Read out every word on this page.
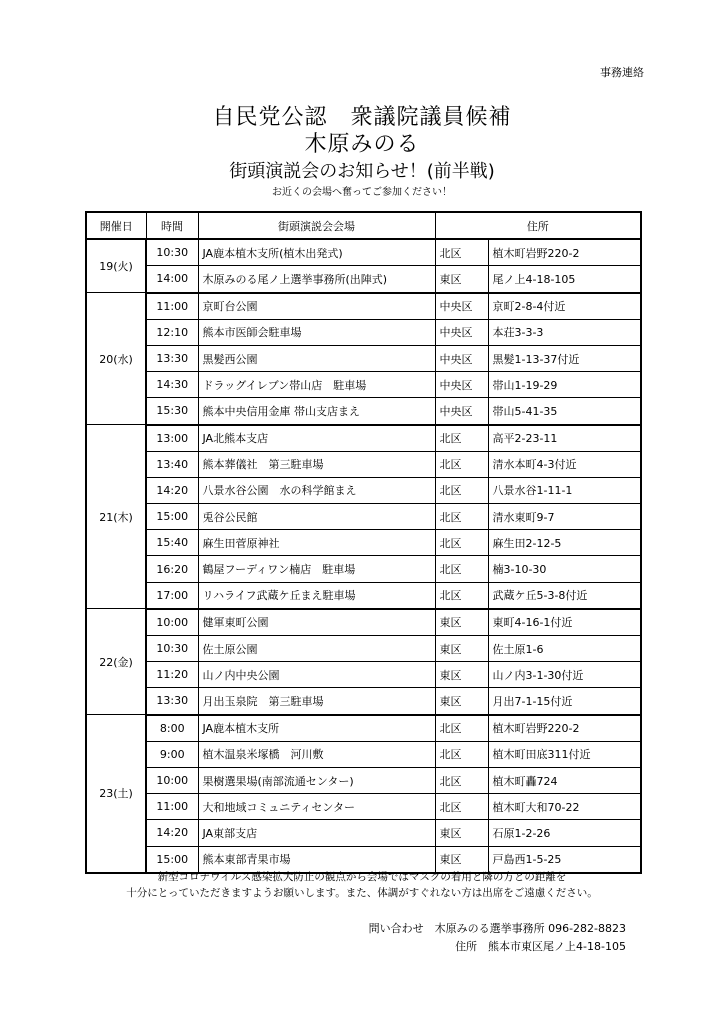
事務連絡
自民党公認　衆議院議員候補
木原みのる
街頭演説会のお知らせ！(前半戦)
お近くの会場へ奮ってご参加ください！
開催日	時間	街頭演説会会場	住所	
19(火)	10:30	JA鹿本植木支所(植木出発式)	北区	植木町岩野220-2
	14:00	木原みのる尾ノ上選挙事務所(出陣式)	東区	尾ノ上4-18-105
20(水)	11:00	京町台公園	中央区	京町2-8-4付近
	12:10	熊本市医師会駐車場	中央区	本荘3-3-3
	13:30	黒髪西公園	中央区	黒髪1-13-37付近
	14:30	ドラッグイレブン帯山店　駐車場	中央区	帯山1-19-29
	15:30	熊本中央信用金庫 帯山支店まえ	中央区	帯山5-41-35
21(木)	13:00	JA北熊本支店	北区	高平2-23-11
	13:40	熊本葬儀社　第三駐車場	北区	清水本町4-3付近
	14:20	八景水谷公園　水の科学館まえ	北区	八景水谷1-11-1
	15:00	兎谷公民館	北区	清水東町9-7
	15:40	麻生田菅原神社	北区	麻生田2-12-5
	16:20	鶴屋フーディワン楠店　駐車場	北区	楠3-10-30
	17:00	リハライフ武蔵ケ丘まえ駐車場	北区	武蔵ケ丘5-3-8付近
22(金)	10:00	健軍東町公園	東区	東町4-16-1付近
	10:30	佐土原公園	東区	佐土原1-6
	11:20	山ノ内中央公園	東区	山ノ内3-1-30付近
	13:30	月出玉泉院　第三駐車場	東区	月出7-1-15付近
23(土)	8:00	JA鹿本植木支所	北区	植木町岩野220-2
	9:00	植木温泉米塚橋　河川敷	北区	植木町田底311付近
	10:00	果樹選果場(南部流通センター)	北区	植木町轟724
	11:00	大和地域コミュニティセンター	北区	植木町大和70-22
	14:20	JA東部支店	東区	石原1-2-26
	15:00	熊本東部青果市場	東区	戸島西1-5-25
新型コロナウイルス感染拡大防止の観点から会場ではマスクの着用と隣の方との距離を
十分にとっていただきますようお願いします。また、体調がすぐれない方は出席をご遠慮ください。
問い合わせ　木原みのる選挙事務所 096-282-8823
住所　熊本市東区尾ノ上4-18-105
